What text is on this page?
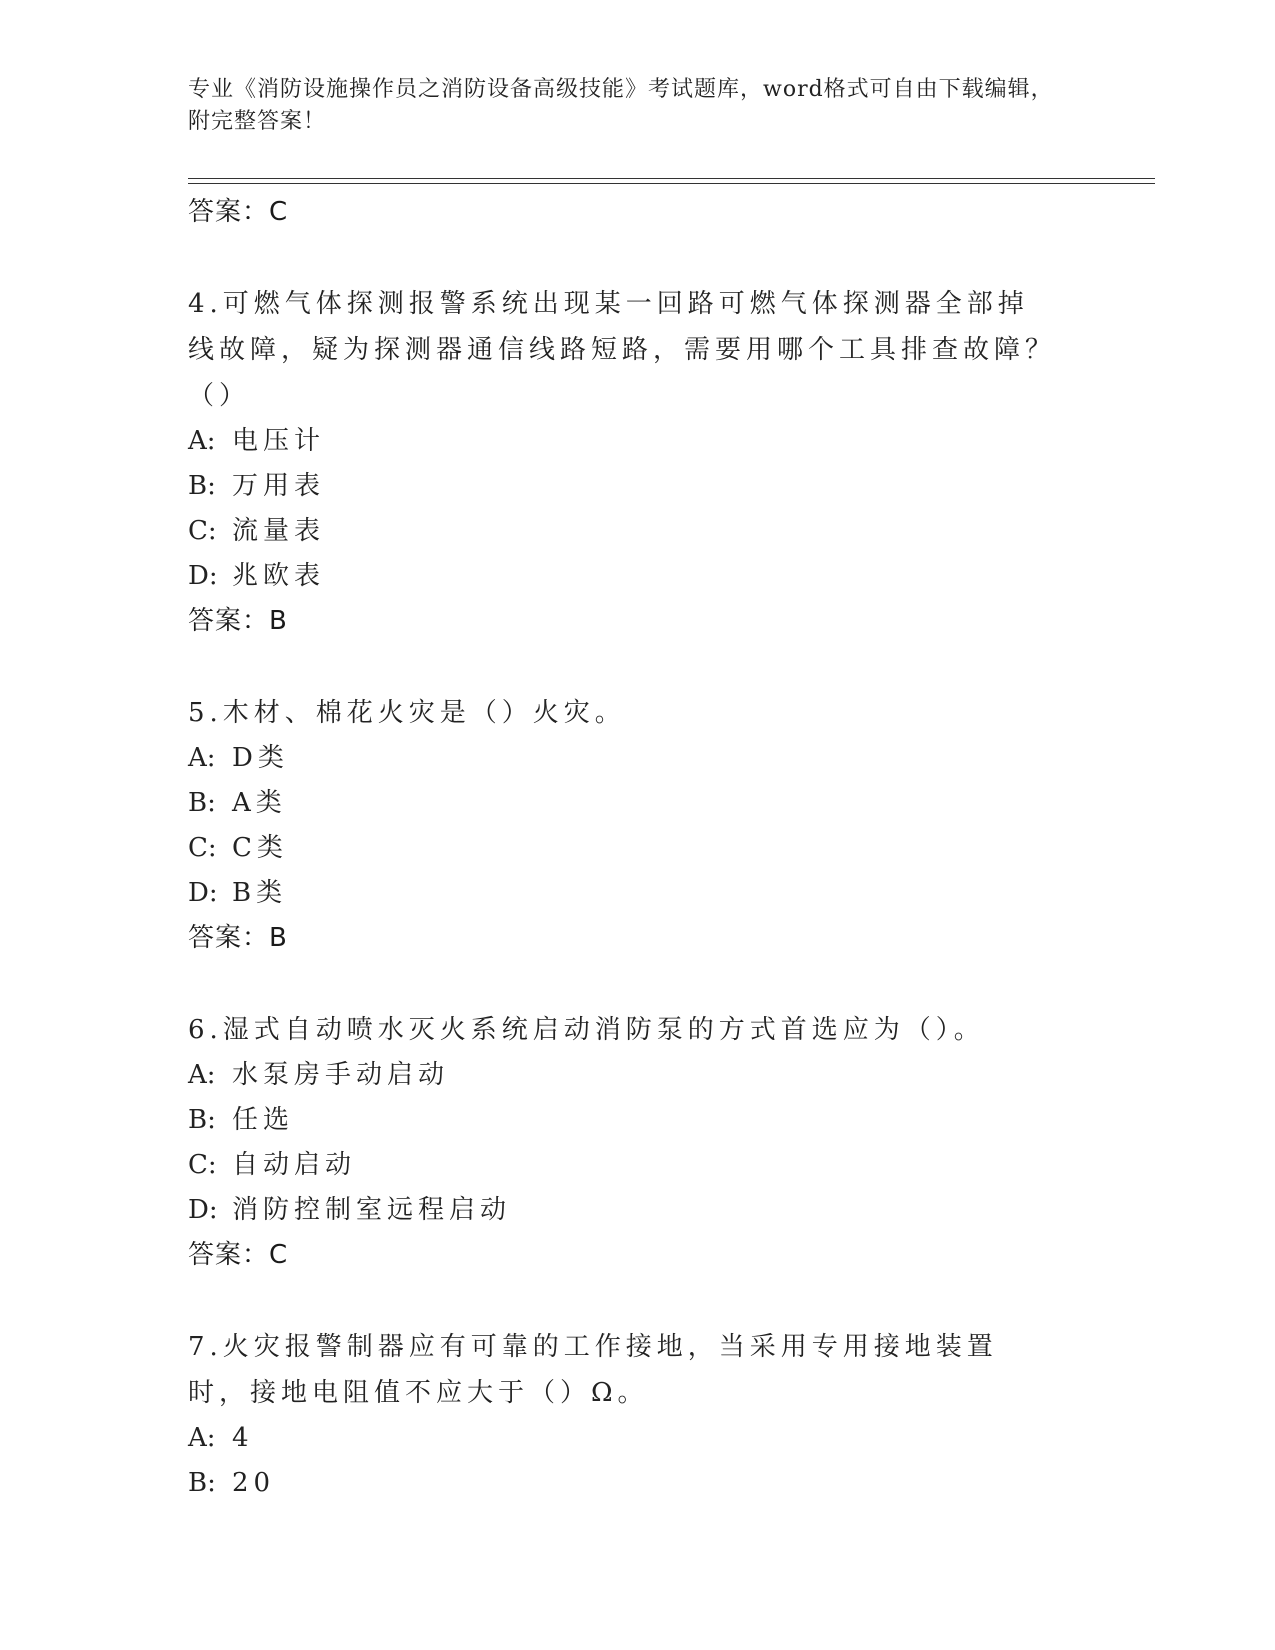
专业《消防设施操作员之消防设备高级技能》考试题库，word格式可自由下载编辑，附完整答案！
答案：C
4.可燃气体探测报警系统出现某一回路可燃气体探测器全部掉线故障，疑为探测器通信线路短路，需要用哪个工具排查故障？（）
A: 电压计
B: 万用表
C: 流量表
D: 兆欧表
答案：B
5.木材、棉花火灾是（）火灾。
A: D类
B: A类
C: C类
D: B类
答案：B
6.湿式自动喷水灭火系统启动消防泵的方式首选应为（）。
A: 水泵房手动启动
B: 任选
C: 自动启动
D: 消防控制室远程启动
答案：C
7.火灾报警制器应有可靠的工作接地，当采用专用接地装置时，接地电阻值不应大于（）Ω。
A: 4
B: 20
